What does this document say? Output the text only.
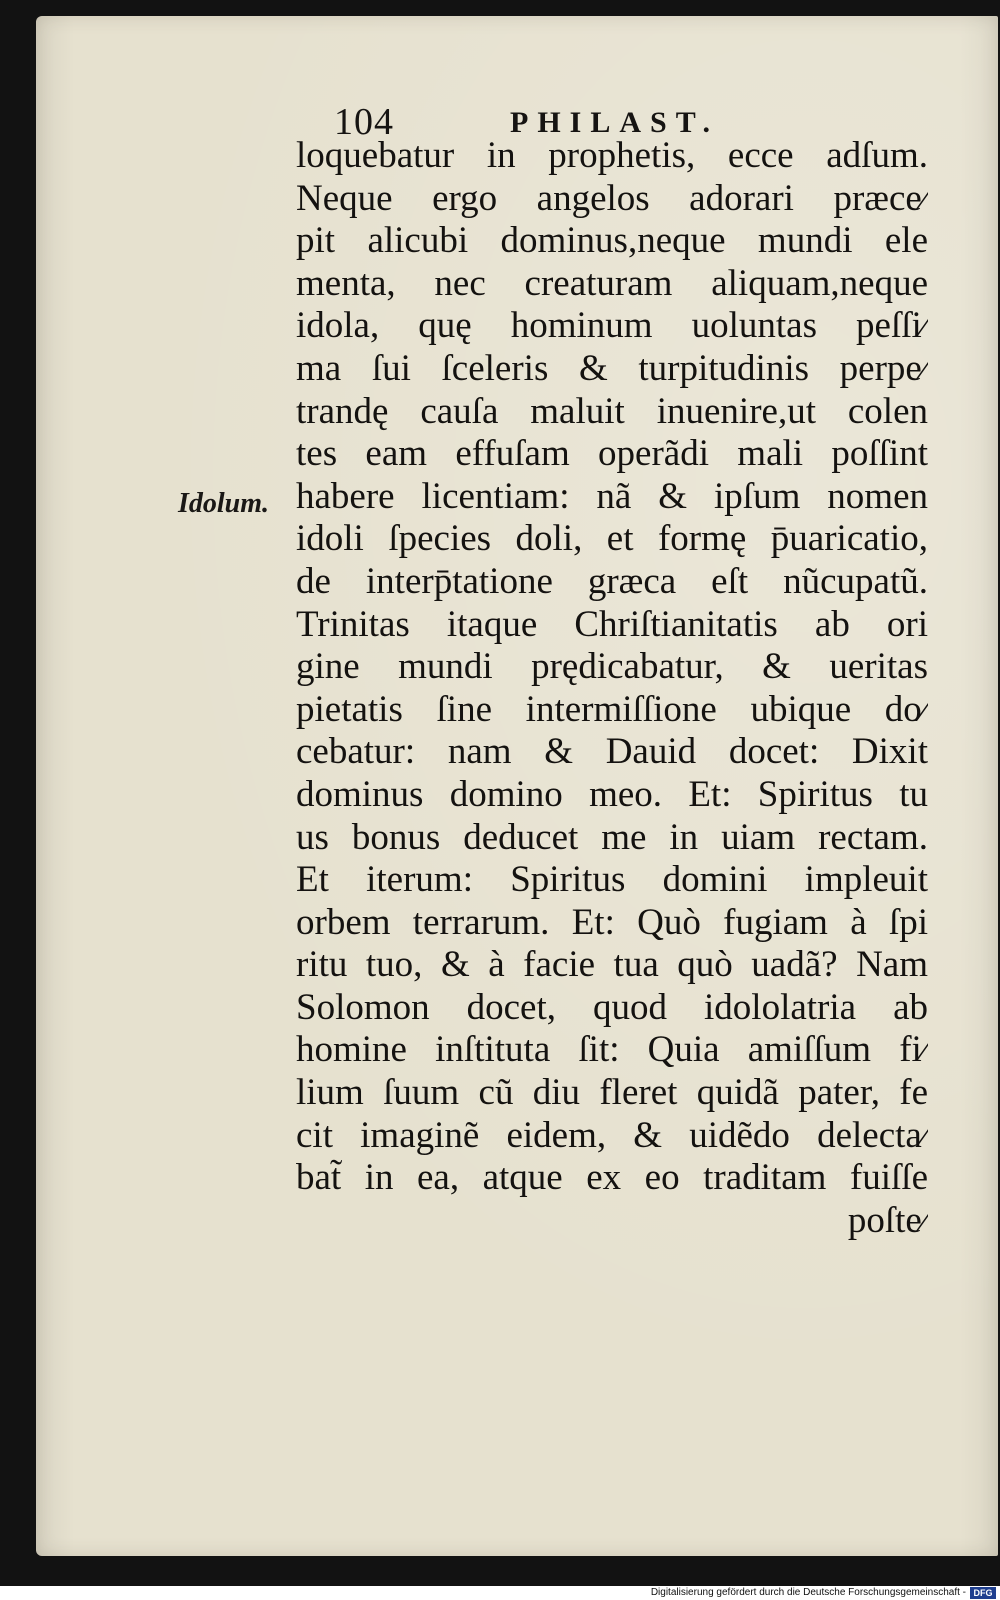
104	PHILAST.
Idolum.
loquebatur in prophetis, ecce adſum.
Neque ergo angelos adorari præce⁄
pit alicubi dominus,neque mundi ele
menta, nec creaturam aliquam,neque
idola, quę hominum uoluntas peſſi⁄
ma ſui ſceleris & turpitudinis perpe⁄
trandę cauſa maluit inuenire,ut colen
tes eam effuſam operãdi mali poſſint
habere licentiam: nã & ipſum nomen
idoli ſpecies doli, et formę p̄uaricatio,
de interp̄tatione græca eſt nũcupatũ.
Trinitas itaque Chriſtianitatis ab ori
gine mundi prędicabatur, & ueritas
pietatis ſine intermiſſione ubique do⁄
cebatur: nam & Dauid docet: Dixit
dominus domino meo. Et: Spiritus tu
us bonus deducet me in uiam rectam.
Et iterum: Spiritus domini impleuit
orbem terrarum. Et: Quò fugiam à ſpi
ritu tuo, & à facie tua quò uadã? Nam
Solomon docet, quod idololatria ab
homine inſtituta ſit: Quia amiſſum fi⁄
lium ſuum cũ diu fleret quidã pater, fe
cit imaginẽ eidem, & uidẽdo delecta⁄
bat̃ in ea, atque ex eo traditam fuiſſe
poſte⁄
Digitalisierung gefördert durch die Deutsche Forschungsgemeinschaft - DFG
